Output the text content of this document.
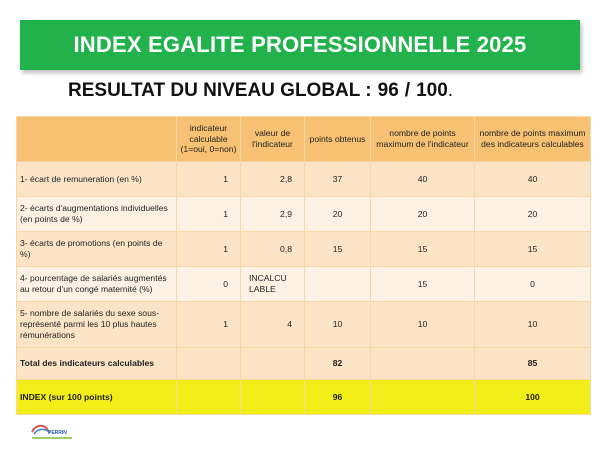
INDEX EGALITE PROFESSIONNELLE 2025
RESULTAT DU NIVEAU GLOBAL : 96 / 100 .
	indicateur calculable (1=oui, 0=non)	valeur de l'indicateur	points obtenus	nombre de points maximum de l'indicateur	nombre de points maximum des indicateurs calculables
1- écart de remuneration (en %)	1	2,8	37	40	40
2- écarts d'augmentations individuelles (en points de %)	1	2,9	20	20	20
3- écarts de promotions (en points de %)	1	0,8	15	15	15
4- pourcentage de salariés augmentés au retour d'un congé maternité (%)	0	INCALCU LABLE		15	0
5- nombre de salariés du sexe sous-représenté parmi les 10 plus hautes rémunérations	1	4	10	10	10
Total des indicateurs calculables			82		85
INDEX (sur 100 points)			96		100
PERRIN
